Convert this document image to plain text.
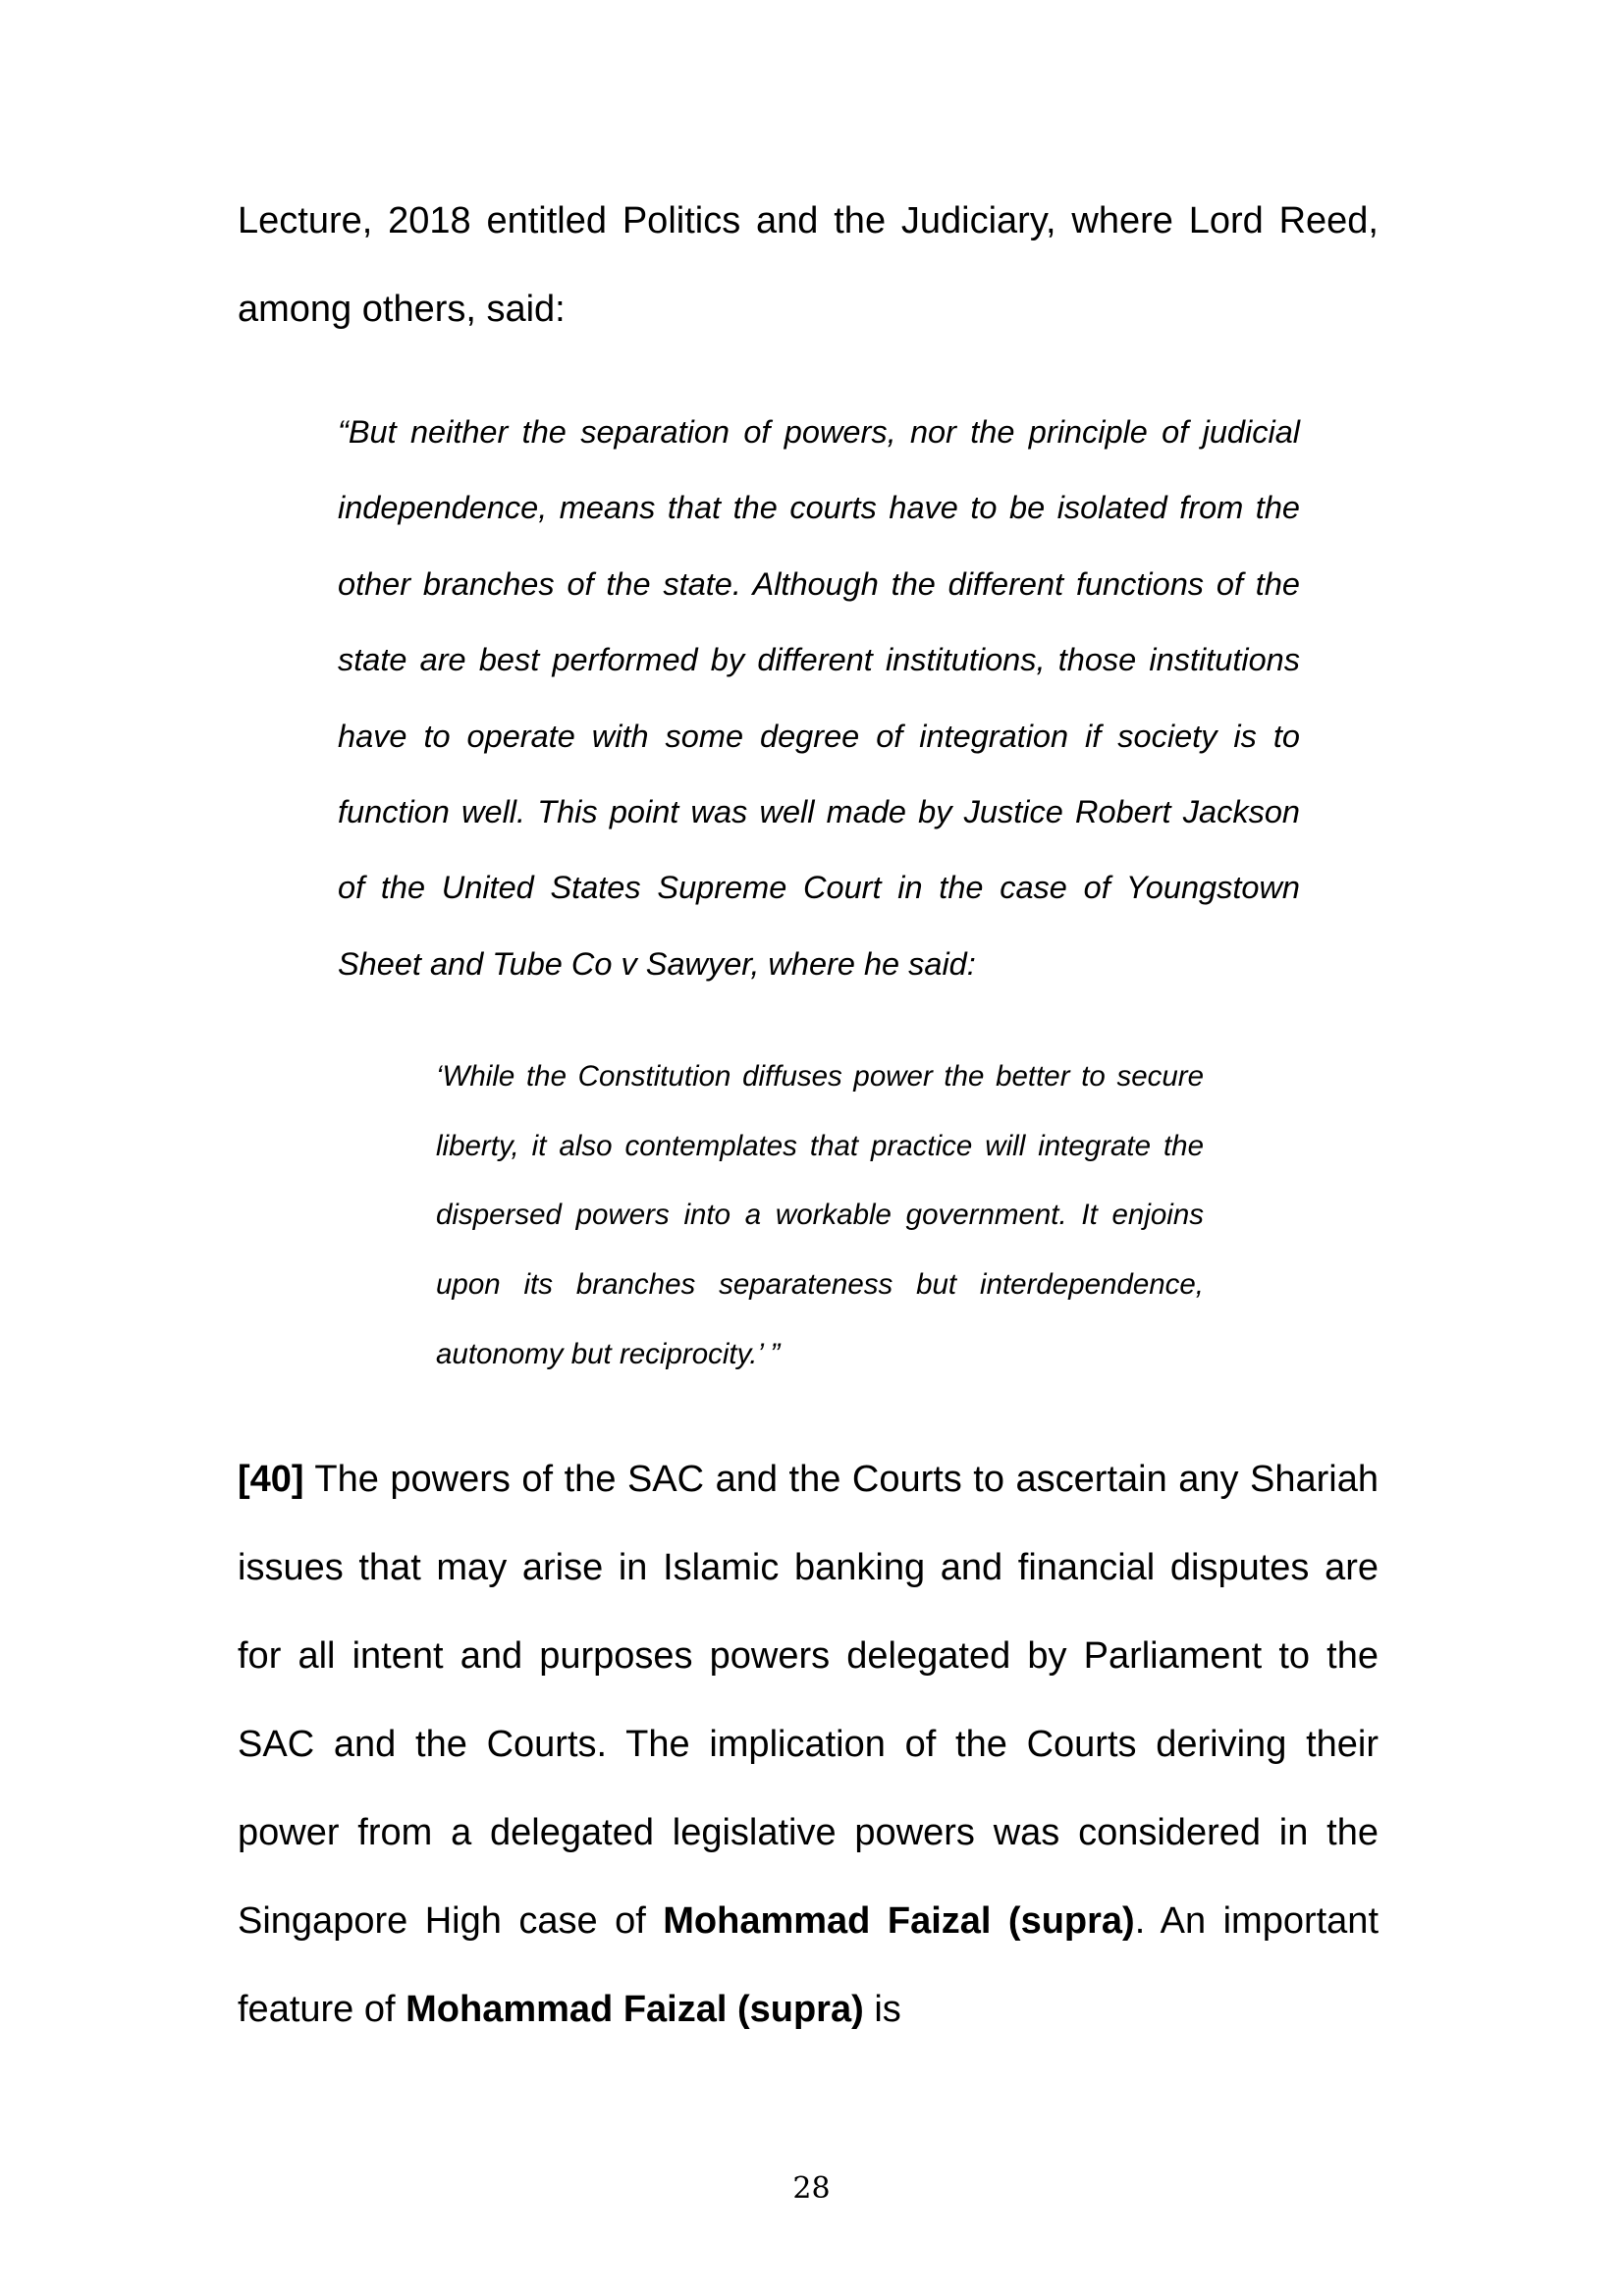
Lecture, 2018 entitled Politics and the Judiciary, where Lord Reed, among others, said:

“But neither the separation of powers, nor the principle of judicial independence, means that the courts have to be isolated from the other branches of the state. Although the different functions of the state are best performed by different institutions, those institutions have to operate with some degree of integration if society is to function well. This point was well made by Justice Robert Jackson of the United States Supreme Court in the case of Youngstown Sheet and Tube Co v Sawyer, where he said:

‘While the Constitution diffuses power the better to secure liberty, it also contemplates that practice will integrate the dispersed powers into a workable government. It enjoins upon its branches separateness but interdependence, autonomy but reciprocity.’ ”

[40] The powers of the SAC and the Courts to ascertain any Shariah issues that may arise in Islamic banking and financial disputes are for all intent and purposes powers delegated by Parliament to the SAC and the Courts. The implication of the Courts deriving their power from a delegated legislative powers was considered in the Singapore High case of Mohammad Faizal (supra). An important feature of Mohammad Faizal (supra) is

28
